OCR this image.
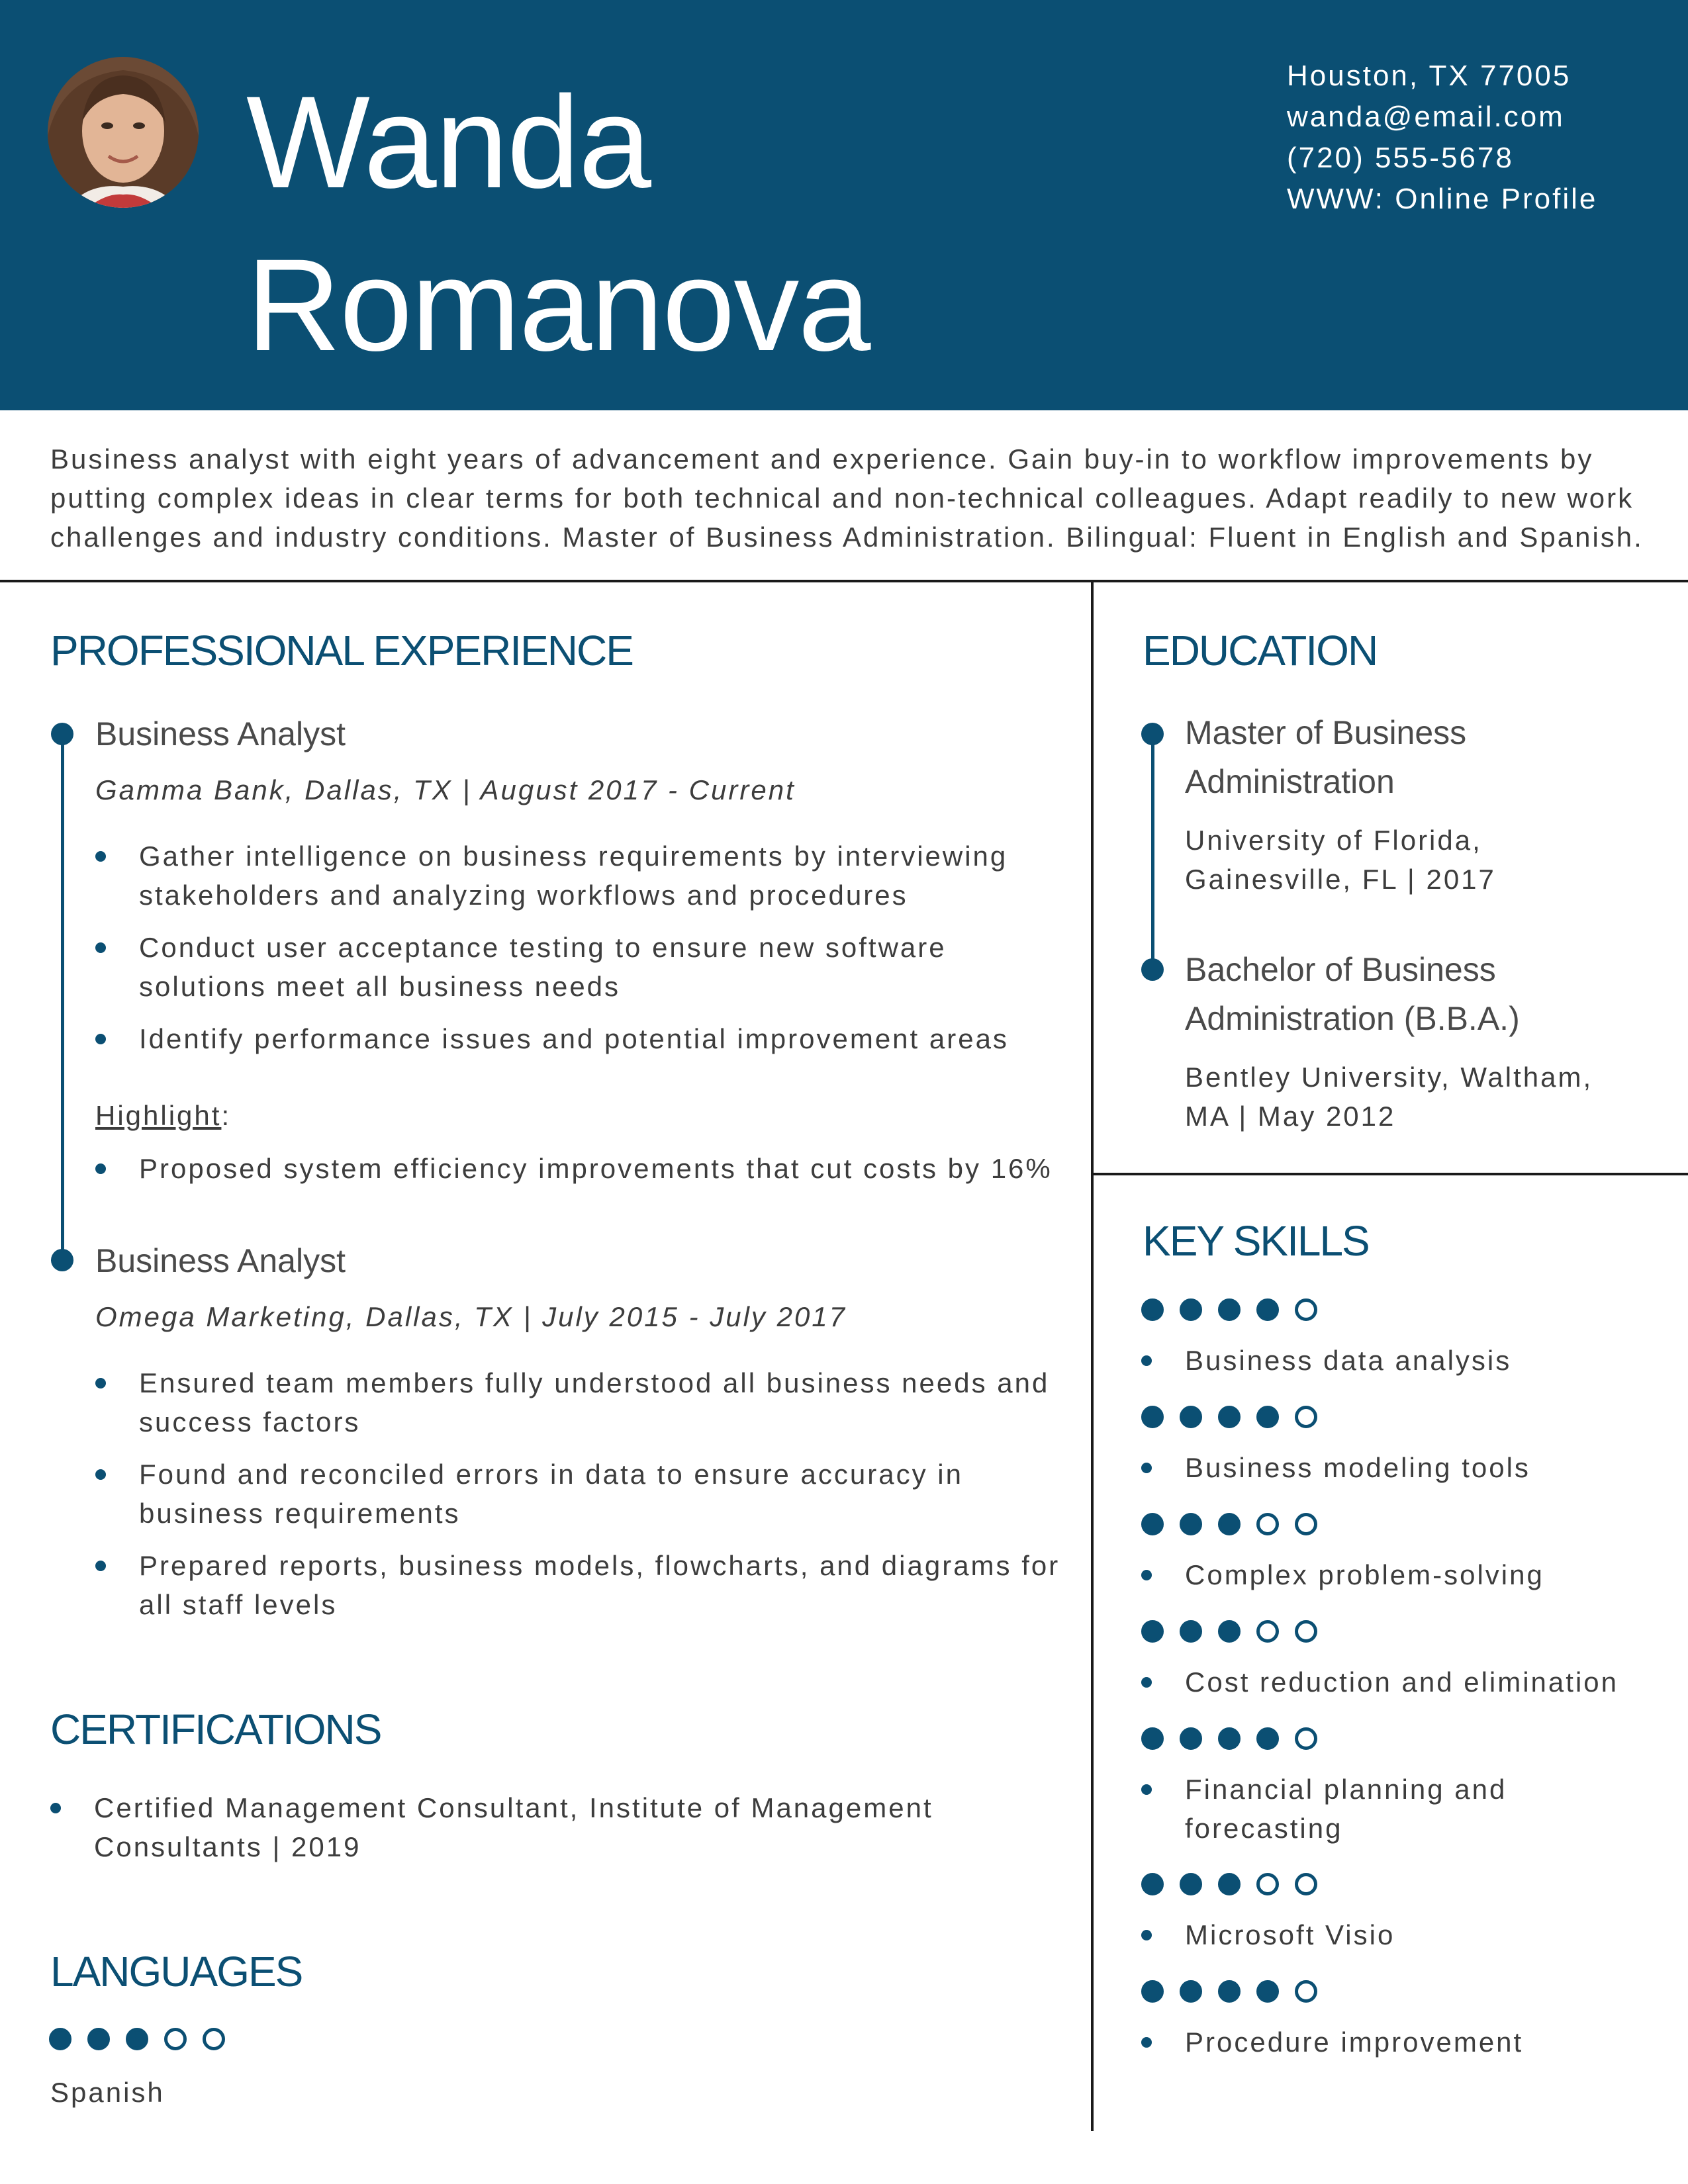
Wanda
Romanova
Houston, TX 77005
wanda@email.com
(720) 555-5678
WWW: Online Profile
Business analyst with eight years of advancement and experience. Gain buy-in to workflow improvements by
putting complex ideas in clear terms for both technical and non-technical colleagues. Adapt readily to new work
challenges and industry conditions. Master of Business Administration. Bilingual: Fluent in English and Spanish.
PROFESSIONAL EXPERIENCE
Business Analyst
Gamma Bank, Dallas, TX | August 2017 - Current
Gather intelligence on business requirements by interviewing
stakeholders and analyzing workflows and procedures
Conduct user acceptance testing to ensure new software
solutions meet all business needs
Identify performance issues and potential improvement areas
Highlight:
Proposed system efficiency improvements that cut costs by 16%
Business Analyst
Omega Marketing, Dallas, TX | July 2015 - July 2017
Ensured team members fully understood all business needs and
success factors
Found and reconciled errors in data to ensure accuracy in
business requirements
Prepared reports, business models, flowcharts, and diagrams for
all staff levels
CERTIFICATIONS
Certified Management Consultant, Institute of Management
Consultants | 2019
LANGUAGES
Spanish
EDUCATION
Master of Business
Administration
University of Florida,
Gainesville, FL | 2017
Bachelor of Business
Administration (B.B.A.)
Bentley University, Waltham,
MA | May 2012
KEY SKILLS
Business data analysis
Business modeling tools
Complex problem-solving
Cost reduction and elimination
Financial planning and
forecasting
Microsoft Visio
Procedure improvement
